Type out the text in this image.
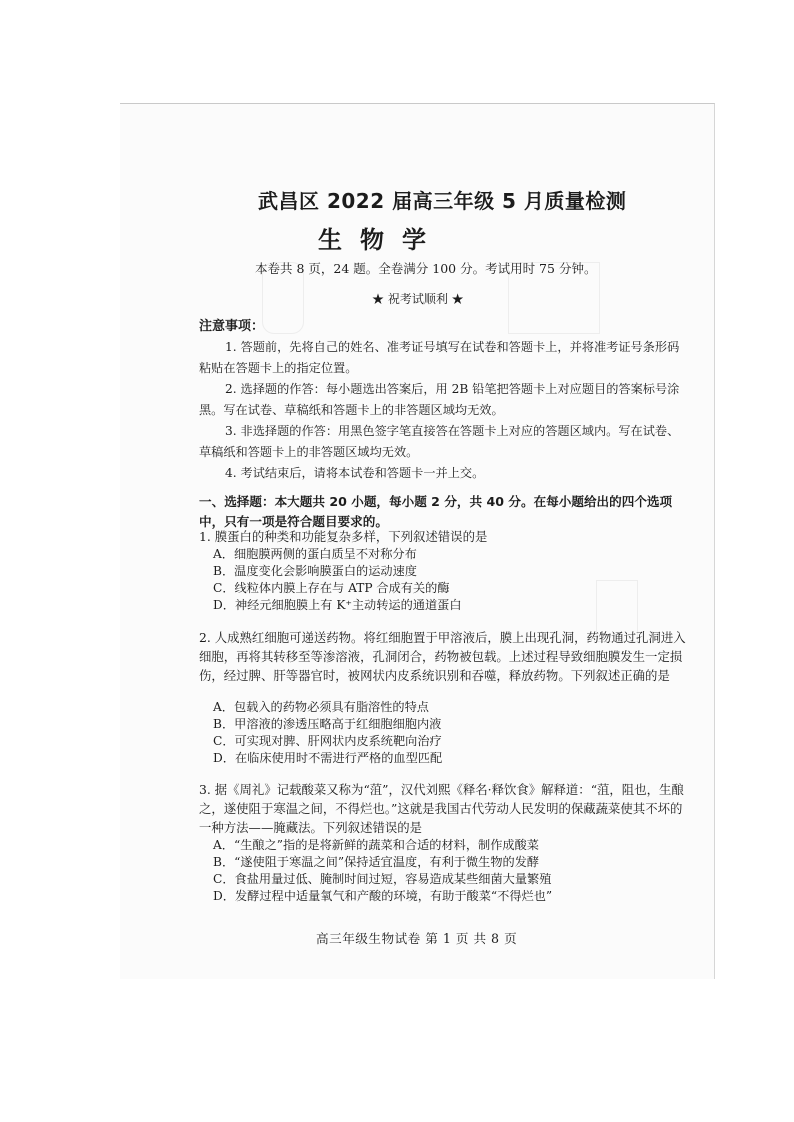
武昌区 2022 届高三年级 5 月质量检测
生物学
本卷共 8 页，24 题。全卷满分 100 分。考试用时 75 分钟。
★ 祝考试顺利 ★
注意事项：
1. 答题前，先将自己的姓名、准考证号填写在试卷和答题卡上，并将准考证号条形码粘贴在答题卡上的指定位置。
2. 选择题的作答：每小题选出答案后，用 2B 铅笔把答题卡上对应题目的答案标号涂黑。写在试卷、草稿纸和答题卡上的非答题区域均无效。
3. 非选择题的作答：用黑色签字笔直接答在答题卡上对应的答题区域内。写在试卷、草稿纸和答题卡上的非答题区域均无效。
4. 考试结束后，请将本试卷和答题卡一并上交。
一、选择题：本大题共 20 小题，每小题 2 分，共 40 分。在每小题给出的四个选项中，只有一项是符合题目要求的。
1. 膜蛋白的种类和功能复杂多样，下列叙述错误的是
A．细胞膜两侧的蛋白质呈不对称分布
B．温度变化会影响膜蛋白的运动速度
C．线粒体内膜上存在与 ATP 合成有关的酶
D．神经元细胞膜上有 K⁺主动转运的通道蛋白
2. 人成熟红细胞可递送药物。将红细胞置于甲溶液后，膜上出现孔洞，药物通过孔洞进入细胞，再将其转移至等渗溶液，孔洞闭合，药物被包载。上述过程导致细胞膜发生一定损伤，经过脾、肝等器官时，被网状内皮系统识别和吞噬，释放药物。下列叙述正确的是
A．包载入的药物必须具有脂溶性的特点
B．甲溶液的渗透压略高于红细胞细胞内液
C．可实现对脾、肝网状内皮系统靶向治疗
D．在临床使用时不需进行严格的血型匹配
3. 据《周礼》记载酸菜又称为“菹”，汉代刘熙《释名·释饮食》解释道：“菹，阻也，生酿之，遂使阻于寒温之间，不得烂也。”这就是我国古代劳动人民发明的保藏蔬菜使其不坏的一种方法——腌藏法。下列叙述错误的是
A．“生酿之”指的是将新鲜的蔬菜和合适的材料，制作成酸菜
B．“遂使阻于寒温之间”保持适宜温度，有利于微生物的发酵
C．食盐用量过低、腌制时间过短，容易造成某些细菌大量繁殖
D．发酵过程中适量氧气和产酸的环境，有助于酸菜“不得烂也”
高三年级生物试卷 第 1 页 共 8 页
